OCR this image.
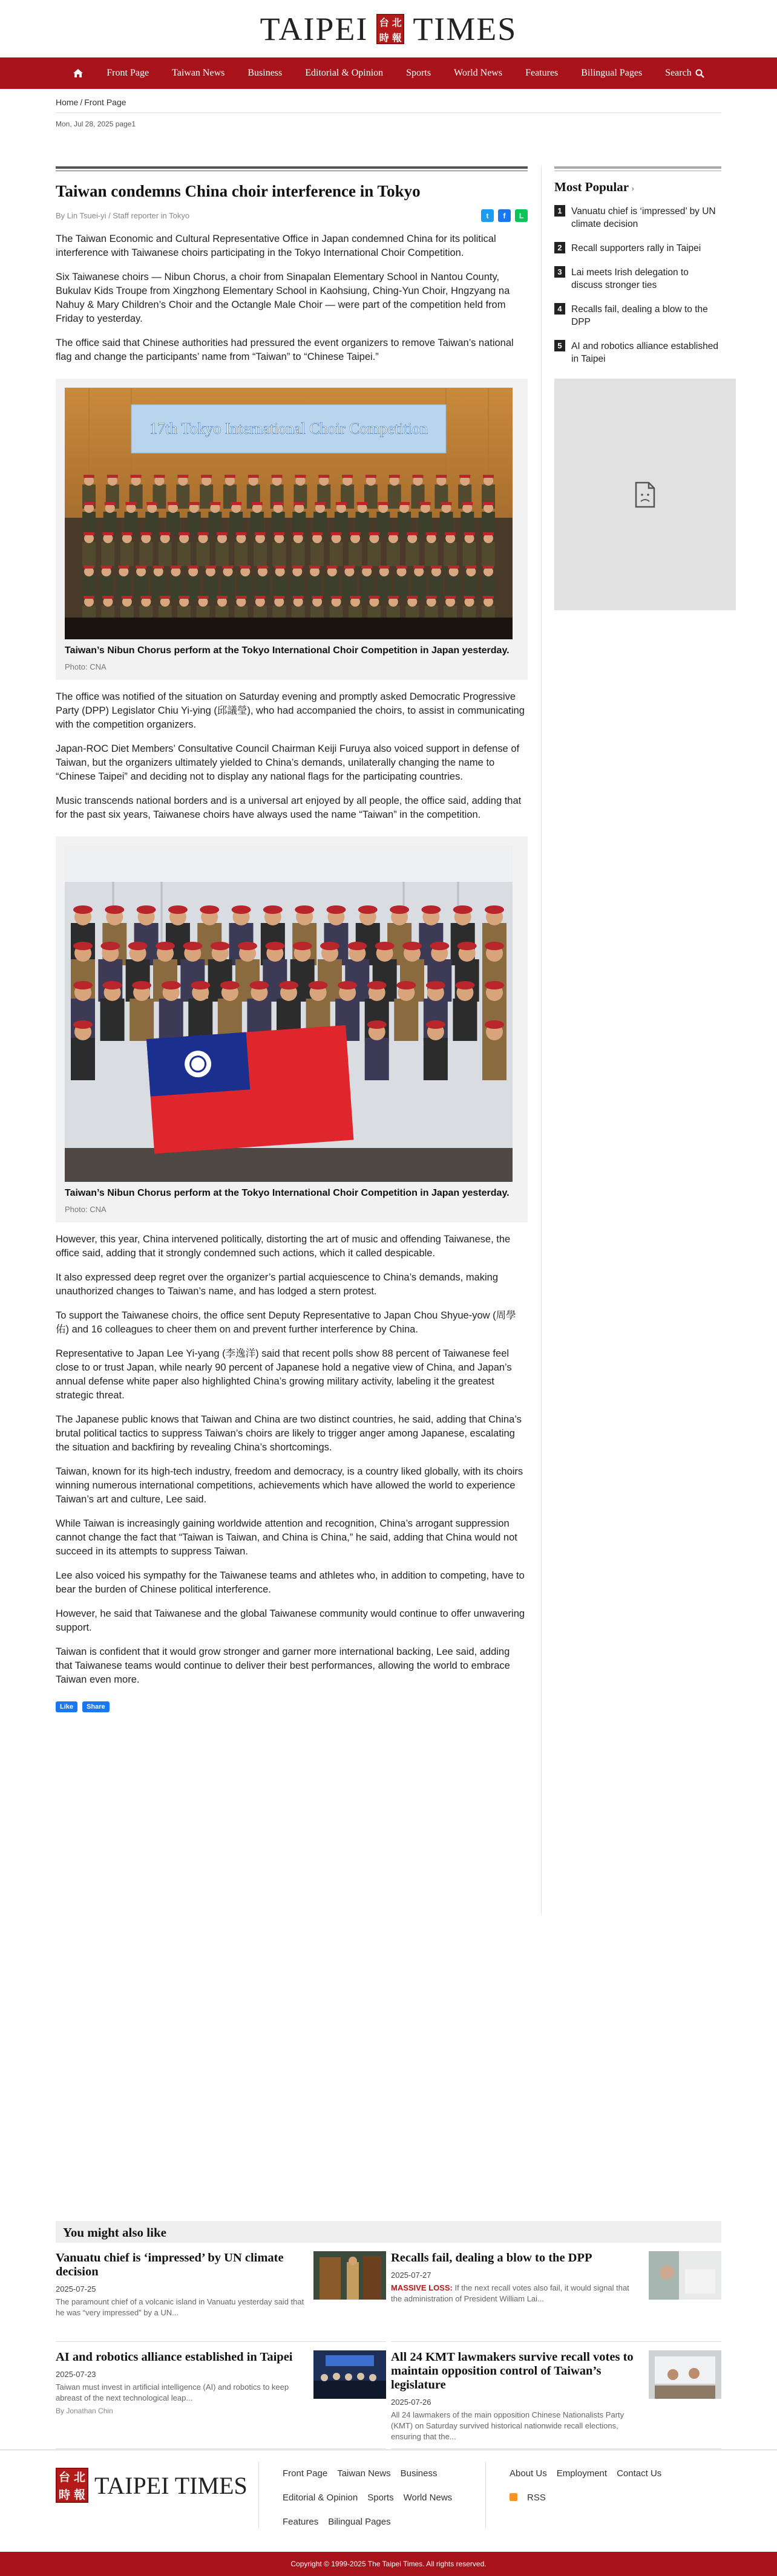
TAIPEI 台 北
時 報 TIMES
Front Page	Taiwan News	Business	Editorial & Opinion	Sports	World News	Features	Bilingual Pages	Search
Home / Front Page
Mon, Jul 28, 2025 page1
Taiwan condemns China choir interference in Tokyo
By Lin Tsuei-yi / Staff reporter in Tokyo	t	f	L

The Taiwan Economic and Cultural Representative Office in Japan condemned China for its political interference with Taiwanese choirs participating in the Tokyo International Choir Competition.

Six Taiwanese choirs — Nibun Chorus, a choir from Sinapalan Elementary School in Nantou County, Bukulav Kids Troupe from Xingzhong Elementary School in Kaohsiung, Ching-Yun Choir, Hngzyang na Nahuy & Mary Children’s Choir and the Octangle Male Choir — were part of the competition held from Friday to yesterday.

The office said that Chinese authorities had pressured the event organizers to remove Taiwan’s national flag and change the participants’ name from “Taiwan” to “Chinese Taipei.”

17th Tokyo International Choir Competition
Taiwan’s Nibun Chorus perform at the Tokyo International Choir Competition in Japan yesterday.
Photo: CNA

The office was notified of the situation on Saturday evening and promptly asked Democratic Progressive Party (DPP) Legislator Chiu Yi-ying (邱議瑩), who had accompanied the choirs, to assist in communicating with the competition organizers.

Japan-ROC Diet Members’ Consultative Council Chairman Keiji Furuya also voiced support in defense of Taiwan, but the organizers ultimately yielded to China’s demands, unilaterally changing the name to “Chinese Taipei” and deciding not to display any national flags for the participating countries.

Music transcends national borders and is a universal art enjoyed by all people, the office said, adding that for the past six years, Taiwanese choirs have always used the name “Taiwan” in the competition.

Taiwan’s Nibun Chorus perform at the Tokyo International Choir Competition in Japan yesterday.
Photo: CNA

However, this year, China intervened politically, distorting the art of music and offending Taiwanese, the office said, adding that it strongly condemned such actions, which it called despicable.

It also expressed deep regret over the organizer’s partial acquiescence to China’s demands, making unauthorized changes to Taiwan’s name, and has lodged a stern protest.

To support the Taiwanese choirs, the office sent Deputy Representative to Japan Chou Shyue-yow (周學佑) and 16 colleagues to cheer them on and prevent further interference by China.

Representative to Japan Lee Yi-yang (李逸洋) said that recent polls show 88 percent of Taiwanese feel close to or trust Japan, while nearly 90 percent of Japanese hold a negative view of China, and Japan’s annual defense white paper also highlighted China’s growing military activity, labeling it the greatest strategic threat.

The Japanese public knows that Taiwan and China are two distinct countries, he said, adding that China’s brutal political tactics to suppress Taiwan’s choirs are likely to trigger anger among Japanese, escalating the situation and backfiring by revealing China’s shortcomings.

Taiwan, known for its high-tech industry, freedom and democracy, is a country liked globally, with its choirs winning numerous international competitions, achievements which have allowed the world to experience Taiwan’s art and culture, Lee said.

While Taiwan is increasingly gaining worldwide attention and recognition, China’s arrogant suppression cannot change the fact that “Taiwan is Taiwan, and China is China,” he said, adding that China would not succeed in its attempts to suppress Taiwan.

Lee also voiced his sympathy for the Taiwanese teams and athletes who, in addition to competing, have to bear the burden of Chinese political interference.

However, he said that Taiwanese and the global Taiwanese community would continue to offer unwavering support.

Taiwan is confident that it would grow stronger and garner more international backing, Lee said, adding that Taiwanese teams would continue to deliver their best performances, allowing the world to embrace Taiwan even more.

Like	Share
Most Popular ›
1 Vanuatu chief is ‘impressed’ by UN climate decision
2 Recall supporters rally in Taipei
3 Lai meets Irish delegation to discuss stronger ties
4 Recalls fail, dealing a blow to the DPP
5 AI and robotics alliance established in Taipei
You might also like
Vanuatu chief is ‘impressed’ by UN climate decision
2025-07-25
The paramount chief of a volcanic island in Vanuatu yesterday said that he was “very impressed” by a UN...
Recalls fail, dealing a blow to the DPP
2025-07-27
MASSIVE LOSS: If the next recall votes also fail, it would signal that the administration of President William Lai...
AI and robotics alliance established in Taipei
2025-07-23
Taiwan must invest in artificial intelligence (AI) and robotics to keep abreast of the next technological leap...
By Jonathan Chin
All 24 KMT lawmakers survive recall votes to maintain opposition control of Taiwan’s legislature
2025-07-26
All 24 lawmakers of the main opposition Chinese Nationalists Party (KMT) on Saturday survived historical nationwide recall elections, ensuring that the...
台 北
時 報 TAIPEI TIMES	Front Page Taiwan News Business
Editorial & Opinion Sports World News
Features Bilingual Pages
About Us Employment Contact Us
RSS
Copyright © 1999-2025 The Taipei Times. All rights reserved.
